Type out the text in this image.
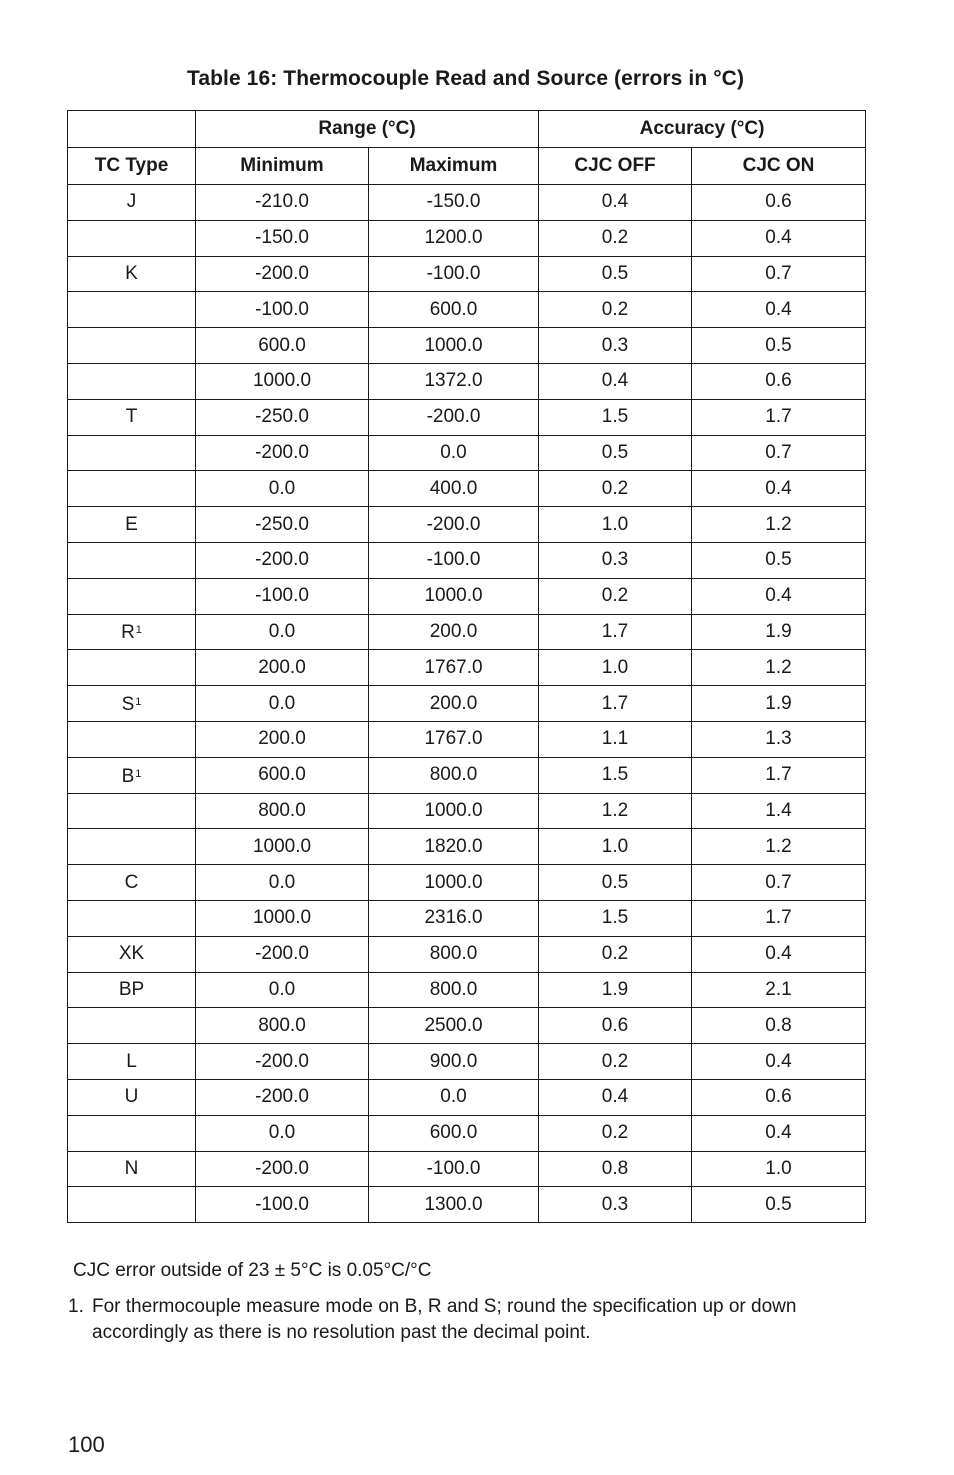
Table 16: Thermocouple Read and Source (errors in °C)
	Range (°C)		Accuracy (°C)	
TC Type	Minimum	Maximum	CJC OFF	CJC ON
J	-210.0	-150.0	0.4	0.6
	-150.0	1200.0	0.2	0.4
K	-200.0	-100.0	0.5	0.7
	-100.0	600.0	0.2	0.4
	600.0	1000.0	0.3	0.5
	1000.0	1372.0	0.4	0.6
T	-250.0	-200.0	1.5	1.7
	-200.0	0.0	0.5	0.7
	0.0	400.0	0.2	0.4
E	-250.0	-200.0	1.0	1.2
	-200.0	-100.0	0.3	0.5
	-100.0	1000.0	0.2	0.4
R$^1$	0.0	200.0	1.7	1.9
	200.0	1767.0	1.0	1.2
S$^1$	0.0	200.0	1.7	1.9
	200.0	1767.0	1.1	1.3
B$^1$	600.0	800.0	1.5	1.7
	800.0	1000.0	1.2	1.4
	1000.0	1820.0	1.0	1.2
C	0.0	1000.0	0.5	0.7
	1000.0	2316.0	1.5	1.7
XK	-200.0	800.0	0.2	0.4
BP	0.0	800.0	1.9	2.1
	800.0	2500.0	0.6	0.8
L	-200.0	900.0	0.2	0.4
U	-200.0	0.0	0.4	0.6
	0.0	600.0	0.2	0.4
N	-200.0	-100.0	0.8	1.0
	-100.0	1300.0	0.3	0.5

CJC error outside of 23 ± 5°C is 0.05°C/°C

1. For thermocouple measure mode on B, R and S; round the specification up or down accordingly as there is no resolution past the decimal point.
100
